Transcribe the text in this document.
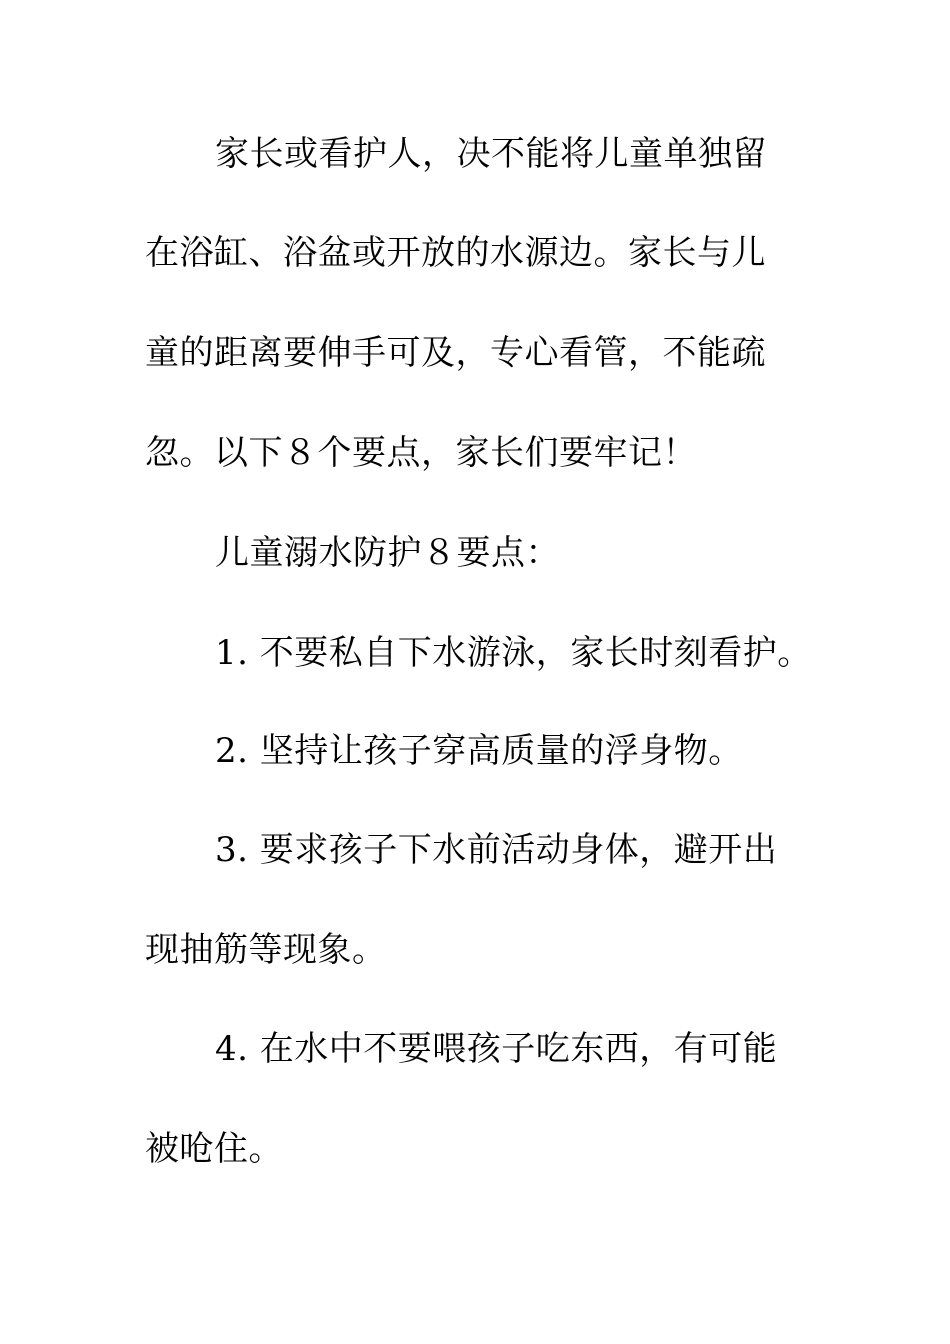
家长或看护人，决不能将儿童单独留

在浴缸、浴盆或开放的水源边。家长与儿

童的距离要伸手可及，专心看管，不能疏

忽。以下８个要点，家长们要牢记！

儿童溺水防护８要点：

1. 不要私自下水游泳，家长时刻看护。

2. 坚持让孩子穿高质量的浮身物。

3. 要求孩子下水前活动身体，避开出

现抽筋等现象。

4. 在水中不要喂孩子吃东西，有可能

被呛住。
